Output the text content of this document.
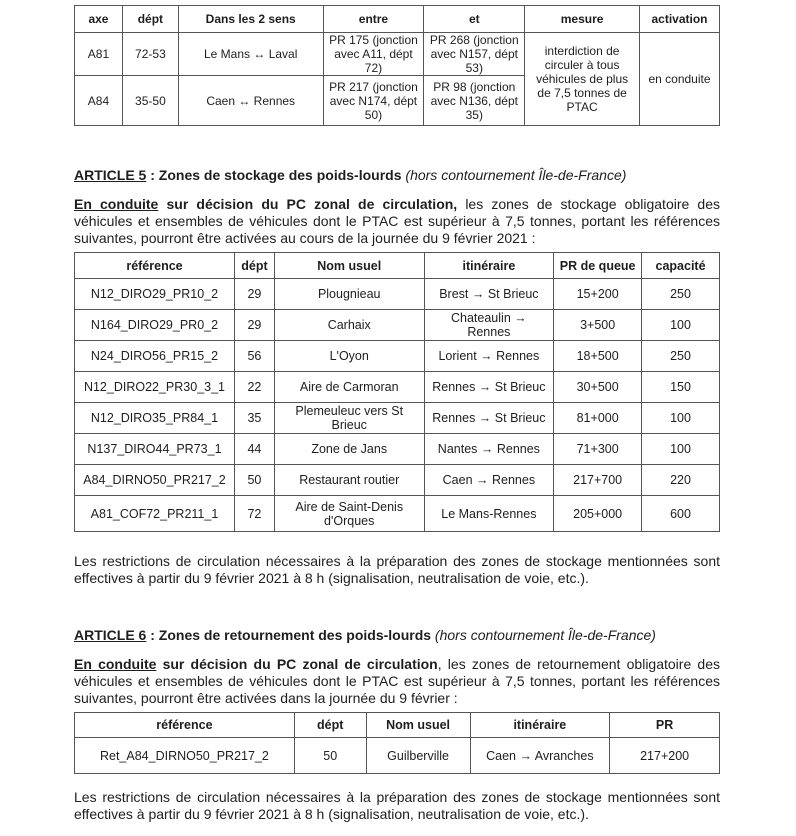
axe	dépt	Dans les 2 sens	entre	et	mesure	activation
A81	72-53	Le Mans ↔ Laval	PR 175 (jonction avec A11, dépt 72)	PR 268 (jonction avec N157, dépt 53)	interdiction de circuler à tous véhicules de plus de 7,5 tonnes de PTAC	en conduite
A84	35-50	Caen ↔ Rennes	PR 217 (jonction avec N174, dépt 50)	PR 98 (jonction avec N136, dépt 35)		
ARTICLE 5 : Zones de stockage des poids-lourds (hors contournement Île-de-France)
En conduite sur décision du PC zonal de circulation, les zones de stockage obligatoire des véhicules et ensembles de véhicules dont le PTAC est supérieur à 7,5 tonnes, portant les références suivantes, pourront être activées au cours de la journée du 9 février 2021 :
référence	dépt	Nom usuel	itinéraire	PR de queue	capacité
N12_DIRO29_PR10_2	29	Plougnieau	Brest → St Brieuc	15+200	250
N164_DIRO29_PR0_2	29	Carhaix	Chateaulin → Rennes	3+500	100
N24_DIRO56_PR15_2	56	L'Oyon	Lorient → Rennes	18+500	250
N12_DIRO22_PR30_3_1	22	Aire de Carmoran	Rennes → St Brieuc	30+500	150
N12_DIRO35_PR84_1	35	Plemeuleuc vers St Brieuc	Rennes → St Brieuc	81+000	100
N137_DIRO44_PR73_1	44	Zone de Jans	Nantes → Rennes	71+300	100
A84_DIRNO50_PR217_2	50	Restaurant routier	Caen → Rennes	217+700	220
A81_COF72_PR211_1	72	Aire de Saint-Denis d'Orques	Le Mans-Rennes	205+000	600
Les restrictions de circulation nécessaires à la préparation des zones de stockage mentionnées sont effectives à partir du 9 février 2021 à 8 h (signalisation, neutralisation de voie, etc.).
ARTICLE 6 : Zones de retournement des poids-lourds (hors contournement Île-de-France)
En conduite sur décision du PC zonal de circulation, les zones de retournement obligatoire des véhicules et ensembles de véhicules dont le PTAC est supérieur à 7,5 tonnes, portant les références suivantes, pourront être activées dans la journée du 9 février :
référence	dépt	Nom usuel	itinéraire	PR
Ret_A84_DIRNO50_PR217_2	50	Guilberville	Caen → Avranches	217+200
Les restrictions de circulation nécessaires à la préparation des zones de stockage mentionnées sont effectives à partir du 9 février 2021 à 8 h (signalisation, neutralisation de voie, etc.).
